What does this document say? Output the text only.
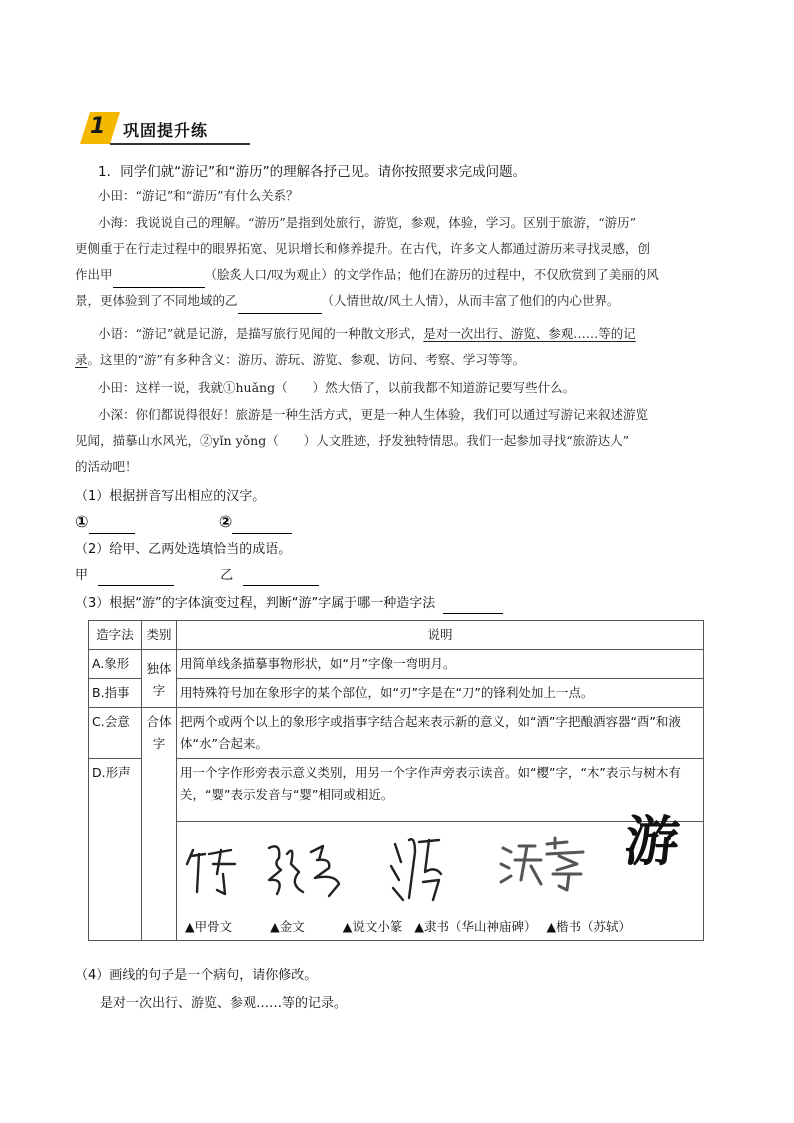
1 巩固提升练
1．同学们就“游记”和“游历”的理解各抒己见。请你按照要求完成问题。
小田：“游记”和“游历”有什么关系？
小海：我说说自己的理解。“游历”是指到处旅行，游览，参观，体验，学习。区别于旅游，“游历”
更侧重于在行走过程中的眼界拓宽、见识增长和修养提升。在古代，许多文人都通过游历来寻找灵感，创
作出甲	（脍炙人口/叹为观止）的文学作品；他们在游历的过程中，不仅欣赏到了美丽的风
景，更体验到了不同地域的乙	（人情世故/风土人情），从而丰富了他们的内心世界。
小语：“游记”就是记游，是描写旅行见闻的一种散文形式，是对一次出行、游览、参观……等的记
录。这里的“游”有多种含义：游历、游玩、游览、参观、访问、考察、学习等等。
小田：这样一说，我就①huǎng（　　）然大悟了，以前我都不知道游记要写些什么。
小深：你们都说得很好！旅游是一种生活方式，更是一种人生体验，我们可以通过写游记来叙述游览
见闻，描摹山水风光，②yǐn yǒng（　　）人文胜迹，抒发独特情思。我们一起参加寻找“旅游达人”
的活动吧！
（1）根据拼音写出相应的汉字。
①	②
（2）给甲、乙两处选填恰当的成语。
甲	乙
（3）根据“游”的字体演变过程，判断“游”字属于哪一种造字法
造字法	类别	说明
A.象形	独体字	用简单线条描摹事物形状，如“月”字像一弯明月。
B.指事		用特殊符号加在象形字的某个部位，如“刃”字是在“刀”的锋利处加上一点。
C.会意	合体字	把两个或两个以上的象形字或指事字结合起来表示新的意义，如“酒”字把酿酒容器“酉”和液体“水”合起来。
D.形声		用一个字作形旁表示意义类别，用另一个字作声旁表示读音。如“樱”字，“木”表示与树木有关，“婴”表示发音与“婴”相同或相近。

		游
▲甲骨文 ▲金文 ▲说文小篆 ▲隶书（华山神庙碑） ▲楷书（苏轼）
（4）画线的句子是一个病句，请你修改。
是对一次出行、游览、参观……等的记录。
